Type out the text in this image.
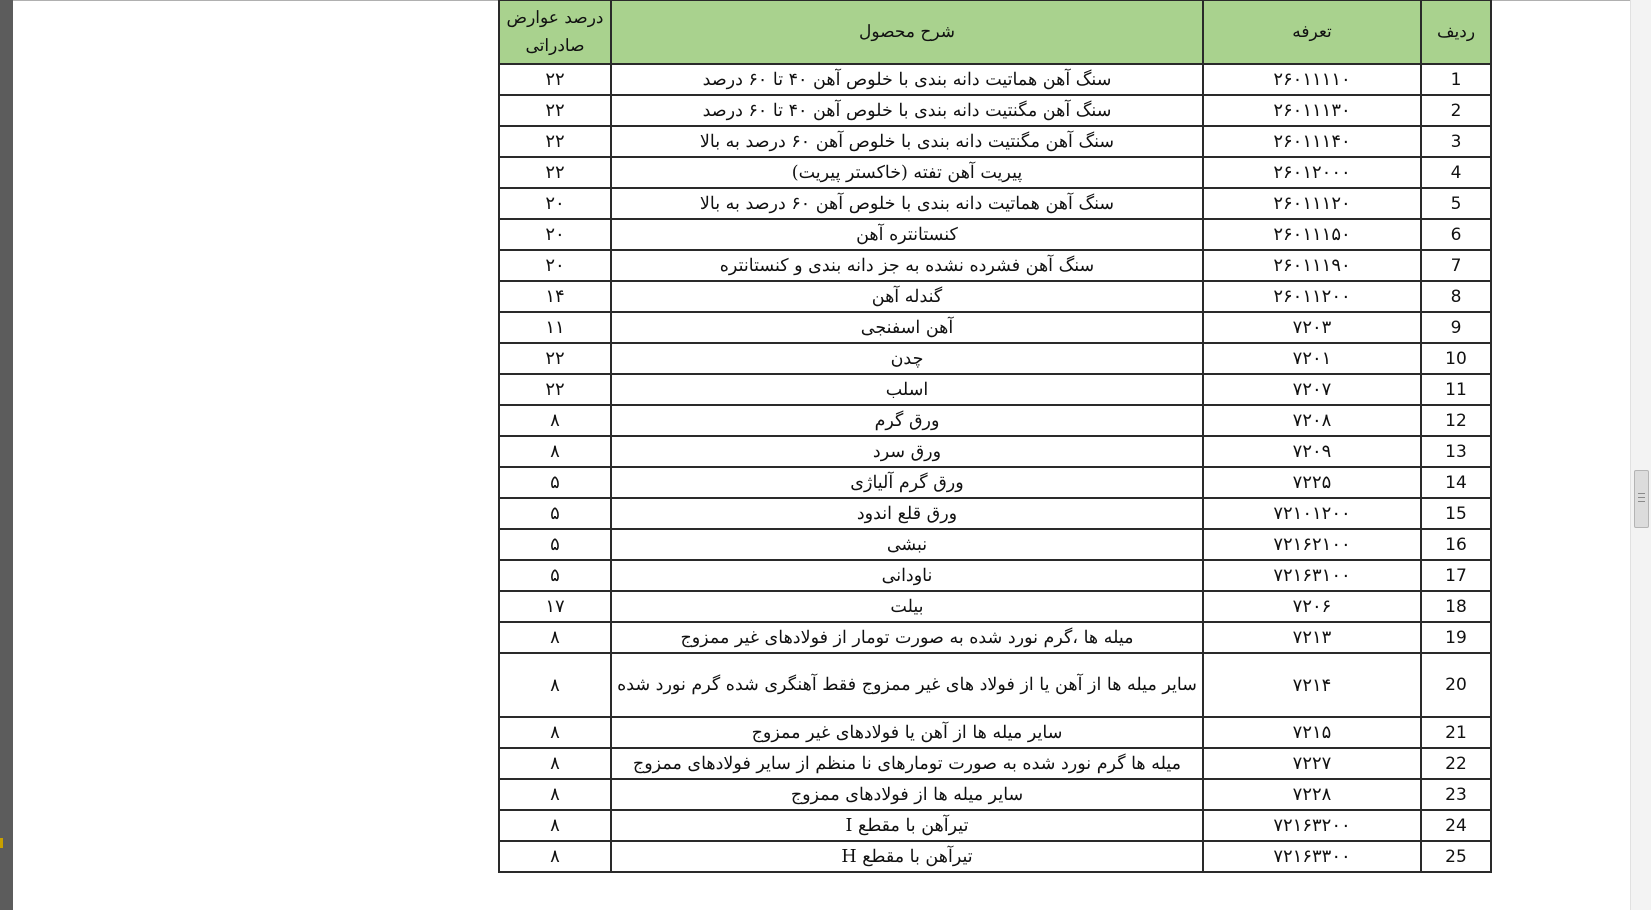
درصد عوارض صادراتی	شرح محصول	تعرفه	ردیف
۲۲	سنگ آهن هماتیت دانه بندی با خلوص آهن ۴۰ تا ۶۰ درصد	۲۶۰۱۱۱۱۰	1
۲۲	سنگ آهن مگنتیت دانه بندی با خلوص آهن ۴۰ تا ۶۰ درصد	۲۶۰۱۱۱۳۰	2
۲۲	سنگ آهن مگنتیت دانه بندی با خلوص آهن ۶۰ درصد به بالا	۲۶۰۱۱۱۴۰	3
۲۲	پیریت آهن تفته (خاکستر پیریت)	۲۶۰۱۲۰۰۰	4
۲۰	سنگ آهن هماتیت دانه بندی با خلوص آهن ۶۰ درصد به بالا	۲۶۰۱۱۱۲۰	5
۲۰	کنستانتره آهن	۲۶۰۱۱۱۵۰	6
۲۰	سنگ آهن فشرده نشده به جز دانه بندی و کنستانتره	۲۶۰۱۱۱۹۰	7
۱۴	گندله آهن	۲۶۰۱۱۲۰۰	8
۱۱	آهن اسفنجی	۷۲۰۳	9
۲۲	چدن	۷۲۰۱	10
۲۲	اسلب	۷۲۰۷	11
۸	ورق گرم	۷۲۰۸	12
۸	ورق سرد	۷۲۰۹	13
۵	ورق گرم آلیاژی	۷۲۲۵	14
۵	ورق قلع اندود	۷۲۱۰۱۲۰۰	15
۵	نبشی	۷۲۱۶۲۱۰۰	16
۵	ناودانی	۷۲۱۶۳۱۰۰	17
۱۷	بیلت	۷۲۰۶	18
۸	میله ها ،گرم نورد شده به صورت تومار از فولادهای غیر ممزوج	۷۲۱۳	19
۸	سایر میله ها از آهن یا از فولاد های غیر ممزوج فقط آهنگری شده گرم نورد شده	۷۲۱۴	20
۸	سایر میله ها از آهن یا فولادهای غیر ممزوج	۷۲۱۵	21
۸	میله ها گرم نورد شده به صورت تومارهای نا منظم از سایر فولادهای ممزوج	۷۲۲۷	22
۸	سایر میله ها از فولادهای ممزوج	۷۲۲۸	23
۸	تیرآهن با مقطع I	۷۲۱۶۳۲۰۰	24
۸	تیرآهن با مقطع H	۷۲۱۶۳۳۰۰	25
